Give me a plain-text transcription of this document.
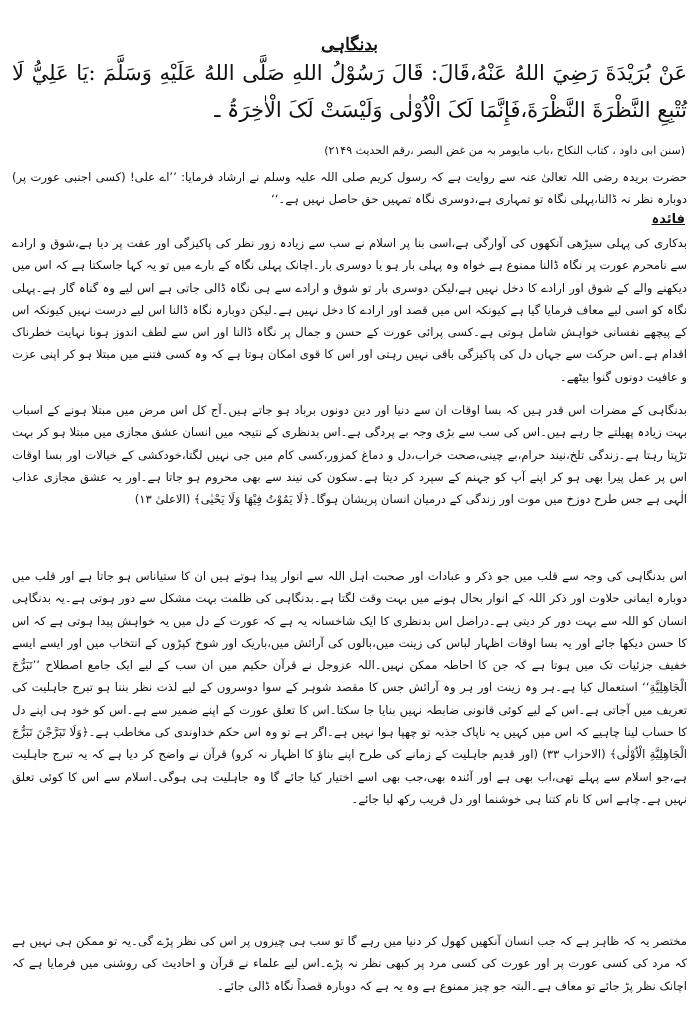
بدنگاہی
عَنْ بُرَيْدَةَ رَضِيَ اللهُ عَنْهُ،قَالَ: قَالَ رَسُوْلُ اللهِ صَلَّى اللهُ عَلَيْهِ وَسَلَّمَ :يَا عَلِيُّ لَا تُتْبِعِ النَّظْرَةَ النَّظْرَةَ،فَإِنَّمَا لَکَ الْاُوْلٰی وَلَيْسَتْ لَکَ الْاٰخِرَۃُ ـ
(سنن ابی داود ، کتاب النکاح ،باب مایومر بہ من غض البصر ،رقم الحدیث ۲۱۴۹)
حضرت بریدہ رضی اللہ تعالیٰ عنہ سے روایت ہے کہ رسول کریم صلی اللہ علیہ وسلم نے ارشاد فرمایا: ’’اے علی! (کسی اجنبی عورت پر) دوبارہ نظر نہ ڈالنا،پہلی نگاہ تو تمہاری ہے،دوسری نگاہ تمہیں حق حاصل نہیں ہے۔‘‘
فائدہ

بدکاری کی پہلی سیڑھی آنکھوں کی آوارگی ہے،اسی بنا پر اسلام نے سب سے زیادہ زور نظر کی پاکیزگی اور عفت پر دیا ہے،شوق و ارادے سے نامحرم عورت پر نگاہ ڈالنا ممنوع ہے خواہ وہ پہلی بار ہو یا دوسری بار۔اچانک پہلی نگاہ کے بارے میں تو یہ کہا جاسکتا ہے کہ اس میں دیکھنے والے کے شوق اور ارادے کا دخل نہیں ہے،لیکن دوسری بار تو شوق و ارادے سے ہی نگاہ ڈالی جاتی ہے اس لیے وہ گناہ گار ہے۔پہلی نگاہ کو اسی لیے معاف فرمایا گیا ہے کیونکہ اس میں قصد اور ارادے کا دخل نہیں ہے۔لیکن دوبارہ نگاہ ڈالنا اس لیے درست نہیں کیونکہ اس کے پیچھے نفسانی خواہش شامل ہوتی ہے۔کسی پرائی عورت کے حسن و جمال پر نگاہ ڈالنا اور اس سے لطف اندوز ہونا نہایت خطرناک اقدام ہے۔اس حرکت سے جہاں دل کی پاکیزگی باقی نہیں رہتی اور اس کا قوی امکان ہوتا ہے کہ وہ کسی فتنے میں مبتلا ہو کر اپنی عزت و عافیت دونوں گنوا بیٹھے۔

بدنگاہی کے مضرات اس قدر ہیں کہ بسا اوقات ان سے دنیا اور دین دونوں برباد ہو جاتے ہیں۔آج کل اس مرض میں مبتلا ہونے کے اسباب بہت زیادہ پھیلتے جا رہے ہیں۔اس کی سب سے بڑی وجہ بے پردگی ہے۔اس بدنظری کے نتیجہ میں انسان عشق مجازی میں مبتلا ہو کر بہت تڑپتا رہتا ہے۔زندگی تلخ،نیند حرام،بے چینی،صحت خراب،دل و دماغ کمزور،کسی کام میں جی نہیں لگتا،خودکشی کے خیالات اور بسا اوقات اس پر عمل پیرا بھی ہو کر اپنے آپ کو جہنم کے سپرد کر دیتا ہے۔سکون کی نیند سے بھی محروم ہو جاتا ہے۔اور یہ عشق مجازی عذاب الٰہی ہے جس طرح دوزخ میں موت اور زندگی کے درمیان انسان پریشان ہوگا۔﴿لَا يَمُوْتُ فِيْهَا وَلَا يَحْيٰی﴾ (الاعلیٰ ۱۳)

اس بدنگاہی کی وجہ سے قلب میں جو ذکر و عبادات اور صحبت اہل اللہ سے انوار پیدا ہوتے ہیں ان کا ستیاناس ہو جاتا ہے اور قلب میں دوبارہ ایمانی حلاوت اور ذکر اللہ کے انوار بحال ہونے میں بہت وقت لگتا ہے۔بدنگاہی کی ظلمت بہت مشکل سے دور ہوتی ہے۔یہ بدنگاہی انسان کو اللہ سے بہت دور کر دیتی ہے۔دراصل اس بدنظری کا ایک شاخسانہ یہ ہے کہ عورت کے دل میں یہ خواہش پیدا ہوتی ہے کہ اس کا حسن دیکھا جائے اور یہ بسا اوقات اظہار لباس کی زینت میں،بالوں کی آرائش میں،باریک اور شوخ کپڑوں کے انتخاب میں اور ایسے ایسے خفیف جزئیات تک میں ہوتا ہے کہ جن کا احاطہ ممکن نہیں۔اللہ عزوجل نے قرآن حکیم میں ان سب کے لیے ایک جامع اصطلاح ’’تَبَرُّجَ الْجَاهِلِيَّةِ‘‘ استعمال کیا ہے۔ہر وہ زینت اور ہر وہ آرائش جس کا مقصد شوہر کے سوا دوسروں کے لیے لذت نظر بننا ہو تبرج جاہلیت کی تعریف میں آجاتی ہے۔اس کے لیے کوئی قانونی ضابطہ نہیں بنایا جا سکتا۔اس کا تعلق عورت کے اپنے ضمیر سے ہے۔اس کو خود ہی اپنے دل کا حساب لینا چاہیے کہ اس میں کہیں یہ ناپاک جذبہ تو چھپا ہوا نہیں ہے۔اگر ہے تو وہ اس حکم خداوندی کی مخاطب ہے۔﴿وَلَا تَبَرَّجْنَ تَبَرُّجَ الْجَاهِلِيَّةِ الْاُوْلٰی﴾ (الاحزاب ۳۳) (اور قدیم جاہلیت کے زمانے کی طرح اپنے بناؤ کا اظہار نہ کرو) قرآن نے واضح کر دیا ہے کہ یہ تبرج جاہلیت ہے،جو اسلام سے پہلے تھی،اب بھی ہے اور آئندہ بھی،جب بھی اسے اختیار کیا جائے گا وہ جاہلیت ہی ہوگی۔اسلام سے اس کا کوئی تعلق نہیں ہے۔چاہے اس کا نام کتنا ہی خوشنما اور دل فریب رکھ لیا جائے۔

مختصر یہ کہ ظاہر ہے کہ جب انسان آنکھیں کھول کر دنیا میں رہے گا تو سب ہی چیزوں پر اس کی نظر پڑے گی۔یہ تو ممکن ہی نہیں ہے کہ مرد کی کسی عورت پر اور عورت کی کسی مرد پر کبھی نظر نہ پڑے۔اس لیے علماء نے قرآن و احادیث کی روشنی میں فرمایا ہے کہ اچانک نظر پڑ جائے تو معاف ہے۔البتہ جو چیز ممنوع ہے وہ یہ ہے کہ دوبارہ قصداً نگاہ ڈالی جائے۔
